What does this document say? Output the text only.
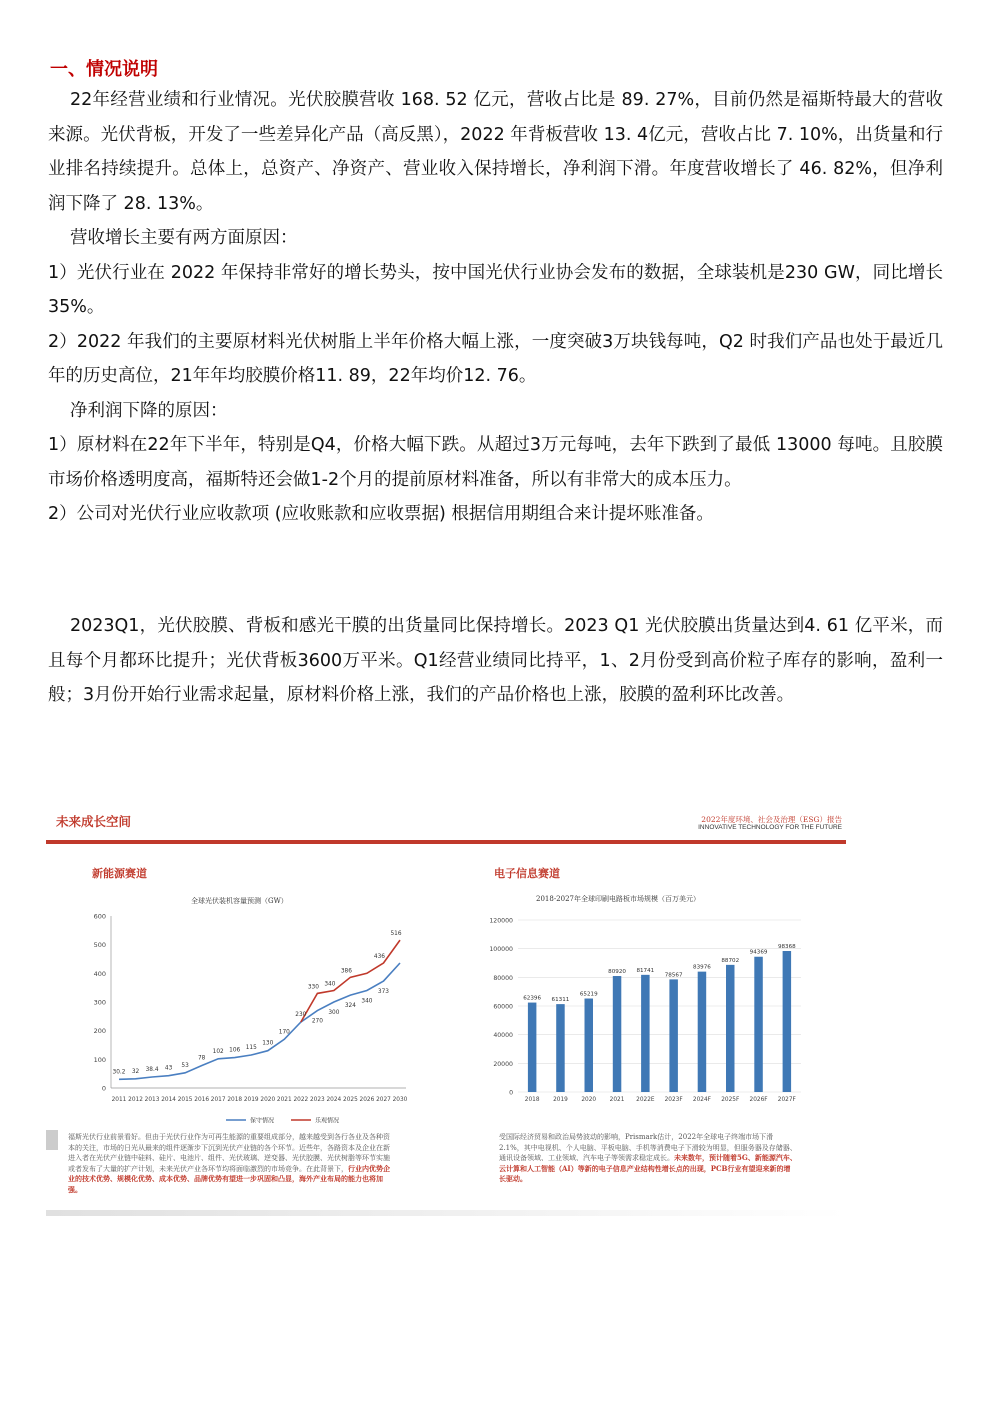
一、情况说明

22年经营业绩和行业情况。光伏胶膜营收 168. 52 亿元，营收占比是 89. 27%，目前仍然是福斯特最大的营收来源。光伏背板，开发了一些差异化产品（高反黑），2022 年背板营收 13. 4亿元，营收占比 7. 10%，出货量和行业排名持续提升。总体上，总资产、净资产、营业收入保持增长，净利润下滑。年度营收增长了 46. 82%，但净利润下降了 28. 13%。

营收增长主要有两方面原因：

1）光伏行业在 2022 年保持非常好的增长势头，按中国光伏行业协会发布的数据，全球装机是230 GW，同比增长35%。

2）2022 年我们的主要原材料光伏树脂上半年价格大幅上涨，一度突破3万块钱每吨，Q2 时我们产品也处于最近几年的历史高位，21年年均胶膜价格11. 89，22年均价12. 76。

净利润下降的原因：

1）原材料在22年下半年，特别是Q4，价格大幅下跌。从超过3万元每吨，去年下跌到了最低 13000 每吨。且胶膜市场价格透明度高，福斯特还会做1-2个月的提前原材料准备，所以有非常大的成本压力。

2）公司对光伏行业应收款项 (应收账款和应收票据) 根据信用期组合来计提坏账准备。

2023Q1，光伏胶膜、背板和感光干膜的出货量同比保持增长。2023 Q1 光伏胶膜出货量达到4. 61 亿平米，而且每个月都环比提升；光伏背板3600万平米。Q1经营业绩同比持平，1、2月份受到高价粒子库存的影响，盈利一般；3月份开始行业需求起量，原材料价格上涨，我们的产品价格也上涨，胶膜的盈利环比改善。

未来成长空间	2022年度环境、社会及治理（ESG）报告
INNOVATIVE TECHNOLOGY FOR THE FUTURE
新能源赛道	电子信息赛道
全球光伏装机容量预测（GW）	2018-2027年全球印刷电路板市场规模（百万美元）
0
100
200
300
400
500
600
2011 2012 2013 2014 2015 2016 2017 2018 2019 2020 2021 2022 2023 2024 2025 2026 2027 2030
30.2 32 38.4 43 53
78
102 106 115
130
170
230
270
300
324
340
373
330 340
386
436
516
保守情况	乐观情况
0
20000
40000
60000
80000
100000
120000
62396
2018
61311
2019
65219
2020
80920
2021
81741
2022E
78567
2023F
83976
2024F
88702
2025F
94369
2026F
98368
2027F
福斯光伏行业前景看好。但由于光伏行业作为可再生能源的重要组成部分，越来越受到各行各业及各种资本的关注，市场的日光从最来的组件逐渐步下沉到光伏产业链的各个环节。近些年，各路资本及企业在新进入者在光伏产业链中硅料、硅片、电池片、组件、光伏玻璃、逆变器、光伏胶膜、光伏树脂等环节实施或者发布了大量的扩产计划，未来光伏产业各环节均将面临激烈的市场竞争。在此背景下，行业内优势企业的技术优势、规模化优势、成本优势、品牌优势有望进一步巩固和凸显，海外产业布局的能力也将加强。
受国际经济贸易和政治局势波动的影响，Prismark估计，2022年全球电子终端市场下滑2.1%，其中电视机、个人电脑、平板电脑、手机等消费电子下滑较为明显，但服务器及存储器、通讯设备领域、工业领域、汽车电子等领需求稳定成长。未来数年，预计随着5G、新能源汽车、云计算和人工智能（AI）等新的电子信息产业结构性增长点的出现，PCB行业有望迎来新的增长驱动。
